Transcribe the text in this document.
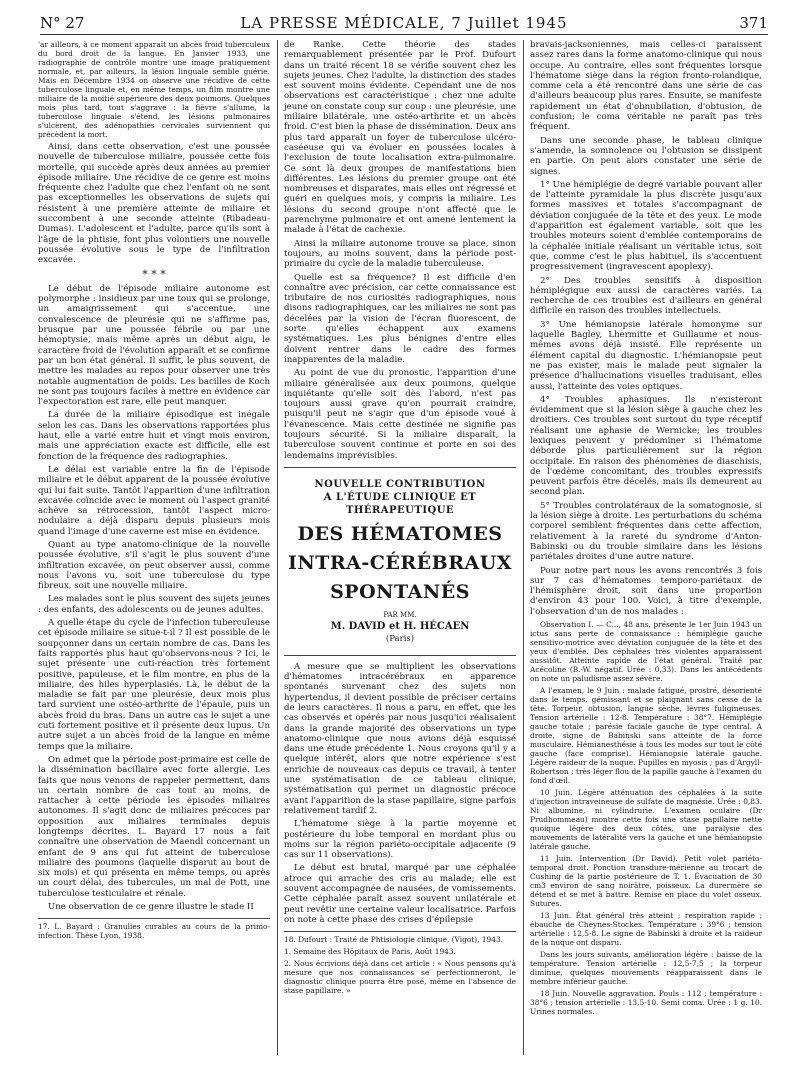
N° 27	LA PRESSE MÉDICALE, 7 Juillet 1945	371

'ar ailleurs, à ce moment apparaît un abcès froid tuberculeux du bord droit de la langue. En Janvier 1933, une radiographie de contrôle montre une image pratiquement normale, et, par ailleurs, la lésion linguale semble guérie. Mais en Décembre 1934 on observe une récidive de cette tuberculose linguale et, en même temps, un film montre une miliaire de la moitié supérieure des deux poumons. Quelques mois plus tard, tout s'aggrave : la fièvre s'allume, la tuberculose linguale s'étend, les lésions pulmonaires s'ulcèrent, des adénopathies cervicales surviennent qui précèdent la mort.

Ainsi, dans cette observation, c'est une poussée nouvelle de tuberculose miliaire, poussée cette fois mortelle, qui succède après deux années au premier épisode miliaire. Une récidive de ce genre est moins fréquente chez l'adulte que chez l'enfant où ne sont pas exceptionnelles les observations de sujets qui résistent à une première atteinte de miliaire et succombent à une seconde atteinte (Ribadeau-Dumas). L'adolescent et l'adulte, parce qu'ils sont à l'âge de la phtisie, font plus volontiers une nouvelle poussée évolutive sous le type de l'infiltration excavée.

* * *

Le début de l'épisode miliaire autonome est polymorphe : insidieux par une toux qui se prolonge, un amaigrissement qui s'accentue, une convalescence de pleurésie qui ne s'affirme pas, brusque par une poussée fébrile ou par une hémoptysie, mais même après un début aigu, le caractère froid de l'évolution apparaît et se confirme par un bon état général. Il suffit, le plus souvent, de mettre les malades au repos pour observer une très notable augmentation de poids. Les bacilles de Koch ne sont pas toujours faciles à mettre en évidence car l'expectoration est rare, elle peut manquer.

La durée de la miliaire épisodique est inégale selon les cas. Dans les observations rapportées plus haut, elle a varié entre huit et vingt mois environ, mais une appréciation exacte est difficile, elle est fonction de la fréquence des radiographies.

Le délai est variable entre la fin de l'épisode miliaire et le début apparent de la poussée évolutive qui lui fait suite. Tantôt l'apparition d'une infiltration excavée coïncide avec le moment où l'aspect granité achève sa rétrocession, tantôt l'aspect micro-nodulaire a déjà disparu depuis plusieurs mois quand l'image d'une caverne est mise en évidence.

Quant au type anatomo-clinique de la nouvelle poussée évolutive, s'il s'agit le plus souvent d'une infiltration excavée, on peut observer aussi, comme nous l'avons vu, soit une tuberculose du type fibreux, soit une nouvelle miliaire.

Les malades sont le plus souvent des sujets jeunes : des enfants, des adolescents ou de jeunes adultes.

A quelle étape du cycle de l'infection tuberculeuse cet épisode miliaire se situe-t-il ? Il est possible de le soupçonner dans un certain nombre de cas. Dans les faits rapportés plus haut qu'observons-nous ? Ici, le sujet présente une cuti-réaction très fortement positive, papuleuse, et le film montre, en plus de la miliaire, des hiles hyperplasiés. Là, le début de la maladie se fait par une pleurésie, deux mois plus tard survient une ostéo-arthrite de l'épaule, puis un abcès froid du bras. Dans un autre cas le sujet a une cuti fortement positive et il présente deux lupus. Un autre sujet a un abcès froid de la langue en même temps que la miliaire.

On admet que la période post-primaire est celle de la dissémination bacillaire avec forte allergie. Les faits que nous venons de rappeler permettent, dans un certain nombre de cas tout au moins, de rattacher à cette période les épisodes miliaires autonomes. Il s'agit donc de miliaires précoces par opposition aux miliaires terminales depuis longtemps décrites. L. Bayard 17 nous a fait connaître une observation de Maendl concernant un enfant de 9 ans qui fut atteint de tuberculose miliaire des poumons (laquelle disparut au bout de six mois) et qui présenta en même temps, ou après un court délai, des tubercules, un mal de Pott, une tuberculose testiculaire et rénale.

Une observation de ce genre illustre le stade II

17. L. Bayard : Granulies curables au cours de la primo-infection. Thèse Lyon, 1938.

de Ranke. Cette théorie des stades remarquablement présentée par le Prof. Dufourt dans un traité récent 18 se vérifie souvent chez les sujets jeunes. Chez l'adulte, la distinction des stades est souvent moins évidente. Cependant une de nos observations est caractéristique : chez une adulte jeune on constate coup sur coup : une pleurésie, une miliaire bilatérale, une ostéo-arthrite et un abcès froid. C'est bien la phase de dissémination. Deux ans plus tard apparaît un foyer de tuberculose ulcéro-caséeuse qui va évoluer en poussées locales à l'exclusion de toute localisation extra-pulmonaire. Ce sont là deux groupes de manifestations bien différentes. Les lésions du premier groupe ont été nombreuses et disparates, mais elles ont régressé et guéri en quelques mois, y compris la miliaire. Les lésions du second groupe n'ont affecté que le parenchyme pulmonaire et ont amené lentement la malade à l'état de cachexie.

Ainsi la miliaire autonome trouve sa place, sinon toujours, au moins souvent, dans la période post-primaire du cycle de la maladie tuberculeuse.

Quelle est sa fréquence? Il est difficile d'en connaître avec précision, car cette connaissance est tributaire de nos curiosités radiographiques, nous disons radiographiques, car les miliaires ne sont pas décelées par la vision de l'écran fluorescent, de sorte qu'elles échappent aux examens systématiques. Les plus bénignes d'entre elles doivent rentrer dans le cadre des formes inapparentes de la maladie.

Au point de vue du pronostic, l'apparition d'une miliaire généralisée aux deux poumons, quelque inquiétante qu'elle soit dès l'abord, n'est pas toujours aussi grave qu'on pourrait craindre, puisqu'il peut ne s'agir que d'un épisode voué à l'évanescence. Mais cette destinée ne signifie pas toujours sécurité. Si la miliaire disparaît, la tuberculose souvent continue et porte en soi des lendemains imprévisibles.

NOUVELLE CONTRIBUTION
A L'ÉTUDE CLINIQUE ET THÉRAPEUTIQUE
DES HÉMATOMES
INTRA-CÉRÉBRAUX
SPONTANÉS
PAR MM.
M. DAVID et H. HÉCAEN
(Paris)

A mesure que se multiplient les observations d'hématomes intracérébraux en apparence spontanés survenant chez des sujets non hypertendus, il devient possible de préciser certains de leurs caractères. Il nous a paru, en effet, que les cas observés et opérés par nous jusqu'ici réalisaient dans la grande majorité des observations un type anatomo-clinique que nous avions déjà esquissé dans une étude précédente 1. Nous croyons qu'il y a quelque intérêt, alors que notre expérience s'est enrichie de nouveaux cas depuis ce travail, à tenter une systématisation de ce tableau clinique, systématisation qui permet un diagnostic précoce avant l'apparition de la stase papillaire, signe parfois relativement tardif 2.

L'hématome siège à la partie moyenne et postérieure du lobe temporal en mordant plus ou moins sur la région pariéto-occipitale adjacente (9 cas sur 11 observations).

Le début est brutal, marqué par une céphalée atroce qui arrache des cris au malade; elle est souvent accompagnée de nausées, de vomissements. Cette céphalée paraît assez souvent unilatérale et peut revêtir une certaine valeur localisatrice. Parfois on note à cette phase des crises d'épilepsie

18. Dufourt : Traité de Phtisiologie clinique, (Vigot), 1943.

1. Semaine des Hôpitaux de Paris, Août 1943.

2. Nous écrivions déjà dans cet article : « Nous pensons qu'à mesure que nos connaissances se perfectionneront, le diagnostic clinique pourra être posé, même en l'absence de stase papillaire. »

bravais-jacksoniennes, mais celles-ci paraissent assez rares dans la forme anatomo-clinique qui nous occupe. Au contraire, elles sont fréquentes lorsque l'hématome siège dans la région fronto-rolandique, comme cela a été rencontré dans une série de cas d'ailleurs beaucoup plus rares. Ensuite, se manifeste rapidement un état d'obnubilation, d'obtusion, de confusion; le coma véritable ne paraît pas très fréquent.

Dans une seconde phase, le tableau clinique s'amende, la somnolence ou l'obtusion se dissipent en partie. On peut alors constater une série de signes.

1° Une hémiplégie de degré variable pouvant aller de l'atteinte pyramidale la plus discrète jusqu'aux formes massives et totales s'accompagnant de déviation conjuguée de la tête et des yeux. Le mode d'apparition est également variable, soit que les troubles moteurs soient d'emblée contemporains de la céphalée initiale réalisant un véritable ictus, soit que, comme c'est le plus habituel, ils s'accentuent progressivement (ingravescent apoplexy).

2° Des troubles sensitifs à disposition hémiplégique eux aussi de caractères variés. La recherche de ces troubles est d'ailleurs en général difficile en raison des troubles intellectuels.

3° Une hémianopsie latérale homonyme sur laquelle Bagley, Lhermitte et Guillaume et nous-mêmes avons déjà insisté. Elle représente un élément capital du diagnostic. L'hémianopsie peut ne pas exister, mais le malade peut signaler la présence d'hallucinations visuelles traduisant, elles aussi, l'atteinte des voies optiques.

4° Troubles aphasiques. Ils n'existeront évidemment que si la lésion siège à gauche chez les droitiers. Ces troubles sont surtout du type réceptif réalisant une aphasie de Wernicke; les troubles lexiques peuvent y prédominer si l'hématome déborde plus particulièrement sur la région occipitale. En raison des phénomènes de diaschisis, de l'œdème concomitant, des troubles expressifs peuvent parfois être décelés, mais ils demeurent au second plan.

5° Troubles controlatéraux de la somatognosie, si la lésion siège à droite. Les perturbations du schéma corporel semblent fréquentes dans cette affection, relativement à la rareté du syndrome d'Anton-Babinski ou du trouble similaire dans les lésions pariétales droites d'une autre nature.

Pour notre part nous les avons rencontrés 3 fois sur 7 cas d'hématomes temporo-pariétaux de l'hémisphère droit, soit dans une proportion d'environ 43 pour 100. Voici, à titre d'exemple, l'observation d'un de nos malades :

Observation I. — C..., 48 ans, présente le 1er Juin 1943 un ictus sans perte de connaissance : hémiplégie gauche sensitivo-motrice avec déviation conjuguée de la tête et des yeux d'emblée. Des céphalées très violentes apparaissent aussitôt. Atteinte rapide de l'état général. Traité par Acécoline (B.-W. négatif. Urée : 0,33). Dans les antécédents on note un paludisme assez sévère.

A l'examen, le 9 Juin : malade fatigué, prostré, désorienté dans le temps, gémissant et se plaignant sans cesse de la tête. Torpeur, obtusion, langue sèche, lèvres fuligineuses. Tension artérielle : 12-8. Température : 38°7. Hémiplégie gauche totale ; parésie faciale gauche de type central. A droite, signe de Babinski sans atteinte de la force musculaire. Hémianesthésie à tous les modes sur tout le côté gauche (face comprise). Hémianopsie latérale gauche. Légère raideur de la nuque. Pupilles en myosis ; pas d'Argyll-Robertson ; très léger flou de la papille gauche à l'examen du fond d'œil.

10 Juin. Légère atténuation des céphalées à la suite d'injection intraveineuse de sulfate de magnésie. Urée : 0,83. Ni albumine, ni cylindrurie. L'examen oculaire (Dr Prudhommeau) montre cette fois une stase papillaire nette quoique légère des deux côtés, une paralysie des mouvements de latéralité vers la gauche et une hémianopsie latérale gauche.

11 Juin. Intervention (Dr David). Petit volet pariéto-temporal droit. Ponction transdure-mérienne au trocart de Cushing de la partie postérieure de T. 1. Évacuation de 30 cm3 environ de sang noirâtre, poisseux. La durermère se détend et se met à battre. Remise en place du volet osseux. Sutures.

13 Juin. État général très atteint ; respiration rapide ; ébauche de Cheynes-Stockes. Température : 39°6 ; tension artérielle : 12,5-8. Le signe de Babinski à droite et la raideur de la nuque ont disparu.

Dans les jours suivants, amélioration légère : baisse de la température. Tension artérielle : 12,5-7,5 ; la torpeur diminue, quelques mouvements réapparaissent dans le membre inférieur gauche.

18 Juin. Nouvelle aggravation. Pouls : 112 ; température : 38°6 ; tension artérielle : 13,5-10. Semi coma. Urée : 1 g. 10. Urines normales.
